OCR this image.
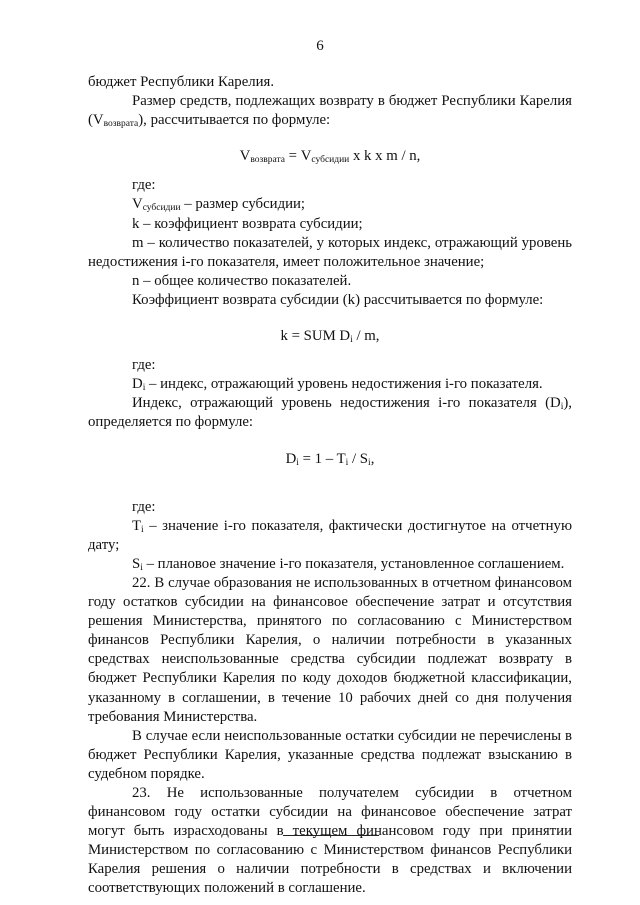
6

бюджет Республики Карелия.

Размер средств, подлежащих возврату в бюджет Республики Карелия $(V_{возврата})$, рассчитывается по формуле:

$V_{возврата} = V_{субсидии}$ x k x m / n,

где:

$V_{субсидии}$ – размер субсидии;

k – коэффициент возврата субсидии;

m – количество показателей, у которых индекс, отражающий уровень недостижения i-го показателя, имеет положительное значение;

n – общее количество показателей.

Коэффициент возврата субсидии (k) рассчитывается по формуле:

k = SUM $D_i$ / m,

где:

$D_i$ – индекс, отражающий уровень недостижения i-го показателя.

Индекс, отражающий уровень недостижения i-го показателя $(D_i)$, определяется по формуле:

$D_i = 1 - T_i / S_i$,

где:

$T_i$ – значение i-го показателя, фактически достигнутое на отчетную дату;

$S_i$ – плановое значение i-го показателя, установленное соглашением.

22. В случае образования не использованных в отчетном финансовом году остатков субсидии на финансовое обеспечение затрат и отсутствия решения Министерства, принятого по согласованию с Министерством финансов Республики Карелия, о наличии потребности в указанных средствах неиспользованные средства субсидии подлежат возврату в бюджет Республики Карелия по коду доходов бюджетной классификации, указанному в соглашении, в течение 10 рабочих дней со дня получения требования Министерства.

В случае если неиспользованные остатки субсидии не перечислены в бюджет Республики Карелия, указанные средства подлежат взысканию в судебном порядке.

23. Не использованные получателем субсидии в отчетном финансовом году остатки субсидии на финансовое обеспечение затрат могут быть израсходованы в текущем финансовом году при принятии Министерством по согласованию с Министерством финансов Республики Карелия решения о наличии потребности в средствах и включении соответствующих положений в соглашение.
